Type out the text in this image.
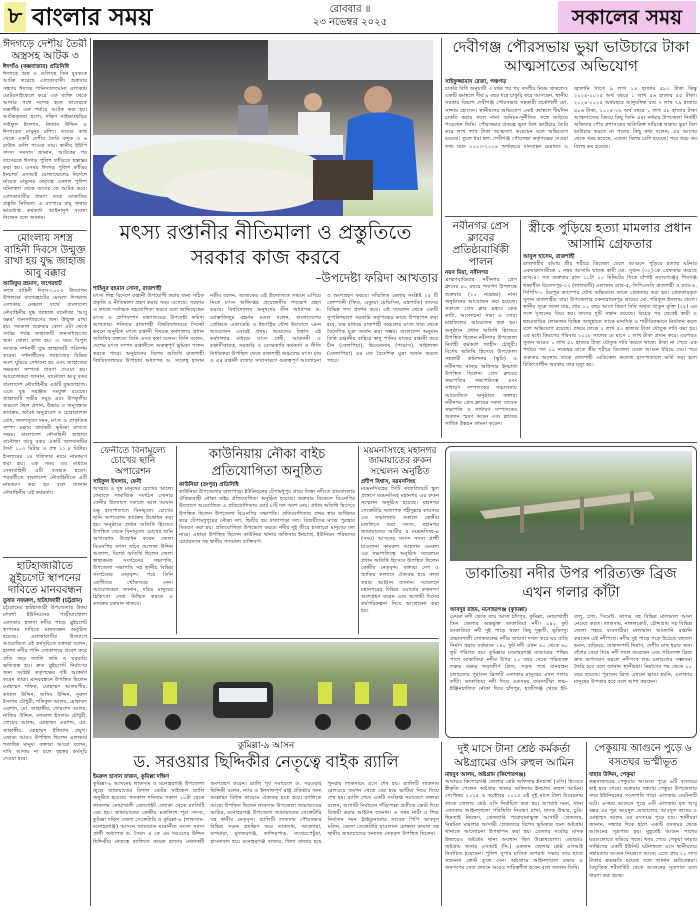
৮ বাংলার সময়	রোববার ॥
২৩ নভেম্বর ২০২৫	সকালের সময়
ঈদগড়ে দেশীয় তৈরী অস্ত্রসহ আটক ৩
ঈদগাঁও (কক্সবাজার) প্রতিনিধি
ঈদগড়ে অস্ত্র ও গুলিসহ তিন যুবককে আটক করেছে এলাকাবাসী। শুক্রবার সন্ধ্যায় ঈদগড় পানিস্যালঘোনা এলাকায় মোটরসাইকেলে করে এক ব্যক্তি থেকে আসার পথে সন্দেহ হলে তাদেরকে তল্লাশীর এক পর্যায়ে আটক করা হয়। আটককৃতরা হলো, দক্ষিণ নাইক্ষ্যংছড়ির সাইফুল ইসলাম, নিজাম উদ্দিন ও ঈদগড়ের মামুনুর রশিদ। তাদের কাছ থেকে একটি দেশীয় তৈরি বন্দুক ও ৬ রাউন্ড গুলি পাওয়া যায়। স্থানীয় ইউপি সদস্য সমসাদ জানান, আটকের পর তাদেরকে ঈদগড় পুলিশ ফাঁড়িতে হস্তান্তর করা হয়। এসময় ঈদগড় পুলিশ ফাঁড়ির ইনচার্জ এসআই মোজাম্মেলের নির্দেশে নায়েক মামুনের নেতৃত্বে একদল পুলিশ ঘটনাস্থল থেকে তাদের কে আটক করে। এলাকাবাসীর ধারণা তারা ডাকাতির প্রস্তুতি নিচ্ছিল। এ ব্যাপারে রামু থানার ভারপ্রাপ্ত কর্মকর্তা আইনানুগ ব্যবস্থা নিচ্ছেন বলে জানান।
মোংলায় সশস্ত্র বাহিনী দিবসে উন্মুক্ত রাখা হয় যুদ্ধ জাহাজ আবু বক্কার
আরিফুর রহমান, বাগেরহাট
সশস্ত্র বাহিনী দিবস-২০২৫ উদযাপন উপলক্ষে বাগেরহাটের মোংলা দিগরাজ এলাকায় নেভাল বার্থে বাংলাদেশ নৌবাহিনীর যুদ্ধ জাহাজ বানৌজা 'আবু বক্কর' জনসাধারণের জন্য উন্মুক্ত রাখা হয়। গতকাল শুক্রবার বেলা এটা থেকে সর্বাচ্চ পর্যন্ত জাহাজটি জনসাধারণের জন্য খোলা রাখা হয়। এ সময় বিপুল সংখ্যক দর্শনার্থী যুদ্ধ জাহাজটি পরিদর্শন করেন। দর্শনার্থীদের জাহাজের বিভিন্ন অংশ ঘুরিয়ে দেখানো হয় এবং জাহাজের সক্ষমতা সম্পর্কে ধারণা দেওয়া হয়। আয়োজকরা জানান, বানৌজা আবু বকর বাংলাদেশ নৌবাহিনীর একটি যুদ্ধজাহাজ। এতে যুদ্ধ সরঞ্জাম সংযুক্ত রয়েছে। জাহাজটি গভীর সমুদ্র এবং উপকূলীয় অঞ্চলে টহল প্রদান, উদ্ধার ও অনুসন্ধান কার্যক্রম, অবৈধ অনুপ্রবেশ ও চোরাচালান রোধ, জলদস্যুতা দমন, মৎস্য ও প্রাকৃতিক সম্পদ রক্ষায় কার্যকরী ভূমিকা রাখতে সক্ষম। বাংলাদেশ নৌবাহিনী জাহাজ বানৌজা আবু বকর একটি জলযানটির দৈর্ঘ্য ১০৩ মিটার ও প্রস্থ ১১.৪ মিটার। ইসলামের ১ম খলিফার নামে নামকরণ করা হয়। এক সময় এর মাধ্যমে সেনাবাহিনী এটি ব্যবহৃত হতো। পরবর্তীতে বাংলাদেশ নৌবাহিনীতে এটি নামকরণ করা হয় বলে জানান নৌবাহিনীর এই কর্মকর্তা।
হাটহাজারীতে স্লুইচগেট স্থাপনের দাবিতে মানববন্ধন
তুষার নজরুল, হাটহাজারী (চট্টগ্রাম)
চট্টগ্রামের হাটহাজারী উপজেলার উত্তর মাদার্শা ইউনিয়নের পাড়ীয়াখোলা এলাকায় হালদা নদীর পাড়ে স্লুইচগেট স্থাপনের দাবিতে মানববন্ধন অনুষ্ঠিত হয়েছে। এলাকাবাসীর উদ্যোগে আয়োজিত এই কর্মসূচিতে বক্তারা বলেন, হালদা নদীর পানি লোকালয়ে প্রবেশ করে প্রতি বছর ফসলি জমি ও ঘরবাড়ি ক্ষতিগ্রস্ত হয়। দ্রুত স্লুইচগেট নির্মাণের জন্য সংশ্লিষ্ট কর্তৃপক্ষের দৃষ্টি আকর্ষণ করেন তারা। মানববন্ধনে উপস্থিত ছিলেন মোহাম্মদ শফিক, মোহাম্মদ আলমগীর, কামাল উদ্দিন, জসিম উদ্দিন, নুরুল ইসলাম চৌধুরী, শফিকুল আলম, মোহাম্মদ এরশাদ, মো. জাহাঙ্গীর, খোরশেদ আলম, নাজিম উদ্দিন, নজরুল ইসলাম চৌধুরী, শোয়েব আলম, মোহাম্মদ এরশাদ, মো. জাহাঙ্গীর, মোহাম্মদ ইলিয়াছ প্রমুখ। এছাড়া আরও উপস্থিত ছিলেন এলাকার শতাধিক মানুষ। বক্তারা আরো বলেন, দাবি আদায় না হলে বৃহত্তর কর্মসূচি দেওয়া হবে।
মৎস্য রপ্তানীর নীতিমালা ও প্রস্তুতিতে
সরকার কাজ করবে
–উপদেষ্টা ফরিদা আখতার
শাহিনুর রহমান সোনা, রাজশাহী
মৎস্য শিল্প বিদেশে রপ্তানী উপযোগী করার জন্য সঠিক প্রকৃতি ও নীতিমালা গ্রহণ করার সময় এসেছে। সরকার এ কাজে সর্বাত্মক সহযোগিতা করবে বলে জানিয়েছেন মৎস্য ও প্রাণিসম্পদ মন্ত্রণালয়ের উপদেষ্টা ফরিদা আখতার। শনিবার রাজশাহী বিশ্ববিদ্যালয়ের সিনেট ভবনে অনুষ্ঠিত মৎস্য রপ্তানী বিষয়ক কর্মশালায় প্রধান অতিথির বক্তব্যে তিনি এসব কথা বলেন। তিনি বলেন, দেশের মৎস্য সম্পদ রপ্তানীতে গুরুত্বপূর্ণ ভূমিকা পালন করতে পারে। অনুষ্ঠানের বিশেষ অতিথি রাজশাহী বিশ্ববিদ্যালয়ের উপাচার্য অধ্যাপক ড. সালেহ্ হাসান নকীব বলেন, আজকের এই উদ্যোগকে সামনে এগিয়ে নিতে মৎস্য অধিদপ্তর প্রয়োজনীয় পদক্ষেপ গ্রহণ করবে। বিশ্ববিদ্যালয় অনুষদের ডীন অধ্যাপক ড. মোস্তাফিজুর রহমান মণ্ডল বলেন, বাংলাদেশের প্রেক্ষিতে একাডেমি ও ইন্ডাস্ট্রির যৌথ উদ্যোগে এমন আয়োজন এবারই প্রথম। আমাদের বিশ্বাস এই কর্মশালার মাধ্যমে মৎস্য চাষী, আমদানী ও রপ্তানীকারক, সরকারি ও বেসরকারি কর্মকর্তা ও নীতি নির্ধারকরা উপস্থিত থেকে রাজশাহী অঞ্চলের মৎস্য চাষ ও এর রপ্তানী বাজার সম্প্রসারণে গুরুত্বপূর্ণ আলোচনা ও অংশগ্রহণ করবে। সম্মিলিত মেলায় সংশ্লিষ্ট ২৫ টি কোম্পানী (ফিড, এক্যুয়া মেডিসিন, যন্ত্রপাতি) তাদের বিভিন্ন পণ্য প্রদর্শন করে। এই সম্মেলন থেকে একটি সুপারিশমালা সরকারি কর্তৃপক্ষের কাছে উপস্থাপন করা হবে, যার মাধ্যমে রাজশাহী অঞ্চলের মৎস্য খাত থেকে বৈদেশিক মুদ্রা অর্জন করা সম্ভব। বাংলাদেশ অনুমান তিন্নি রপ্তানীর বাহিরে স্বাদু পানির মাছের রপ্তানী করে চীন (কেলপিয়া), ভিয়েতনাম (পাঙাস), থাইল্যান্ড (তেলাপিয়া) এর মত বৈদেশিক মুদ্রা অর্জন করতে পারে।
দেবীগঞ্জ পৌরসভায় ভুয়া ভাউচারে টাকা আত্মসাতের অভিযোগ
সাইফুজ্জামান রেজা, পঞ্চগড়
চাকরি বিধি অনুযায়ী ৩ বছর পর পর বদলীর নিয়ম থাকলেও একটি কর্মস্থলে দীর্ঘ ৯ বছর ধরে চাকুরি করে আসছেন, স্থানীয় সরকার বিভাগ দেবীগঞ্জ পৌরসভার সহকারী প্রকৌশলী মো. সাদ্দাম হোসেন। স্থানীয়দের অভিযোগ একই কর্মস্থলে দীর্ঘদিন চাকরি করার ফলে নানা অনিয়ম-দুর্নীতির সঙ্গে জড়িয়ে পড়েছেন তিনি। পৌরসভার প্রকল্পে ভুয়া বিল ভাউচার তৈরি করে লাখ লাখ টাকা আত্মসাৎ করেছেন বলে অভিযোগ রয়েছে। তুলে ধরা হল: দেবীগঞ্জ পৌরসভা কর্তৃপক্ষের দেওয়া তথ্য মতে ২০২৩-২০২৪ অর্থবছরে যানবাহন মেরামত ও জ্বালানি খাতে ৯ লাখ ২৪ হাজার ৫৮১ টাকা কিন্তু ২০২৪-২০২৫ অর্থ বছরে ১ লাখ ৫৬ হাজার ৫৫ টাকা। ২০২৪-২০২৫ অর্থবছরে আনুষঙ্গিক ব্যয় ৭ লাখ ৭৯ হাজার ৪৮৬ টাকা, ২০২৫-২৬ অর্থ বছরে ১ লাখ ৫৮ হাজার টাকা আত্মসাতের বিষয়ে কিছু তিনি এবং নর্দমার উপজেলা নির্বাহী অফিসার পৌর প্রশাসকের অতিরিক্ত দায়িত্বে থাকায় ভুয়া বিল ভাউচার করতে না পারায় কিছু কথা বলেন, এর আগের থেকে খরচ হয়েছে, এজন্য বিলম্ব বেশি হয়েছে। পরে খরচ কম বিলম্ব কম হয়েছে।
নবীনগর প্রেস ক্লাবের প্রতিষ্ঠাবার্ষিকী পালন
নয়ন মিয়া, নবীনগর
ব্রাহ্মণবাড়িয়ার নবীনগর প্রেস ক্লাবের ৪০ বছরে পদার্পণ উপলক্ষে শুক্রবার (২২ নভেম্বর) নানা অনুষ্ঠানের আয়োজন করা হয়েছে। সকালে প্রেস ক্লাব চত্বরে কেক কাটা, আলোচনা সভা ও দোয়া মাহফিলের আয়োজন করা হয়। অনুষ্ঠানে প্রধান অতিথি হিসেবে উপস্থিত ছিলেন নবীনগর উপজেলা নির্বাহী কর্মকর্তা জাহীদ চৌধুরী। বিশেষ অতিথি হিসেবে উপজেলা সহকারী কমিশনার (ভূমি) ও নবীনগর থানার অফিসার ইনচার্জ উপস্থিত ছিলেন। প্রেস ক্লাবের সভাপতির সভাপতিত্বে এবং সাধারণ সম্পাদকের সঞ্চালনায় আয়োজিত অনুষ্ঠানে বক্তারা নবীনগর প্রেস ক্লাবের সকল সাবেক সভাপতি ও সাধারণ সম্পাদকের অবদান স্মরণ করেন এবং ক্লাবের সার্বিক উন্নয়ন কামনা করেন।
স্ত্রীকে পুড়িয়ে হত্যা মামলার প্রধান আসামি গ্রেফতার
আবুল হাসেম, রাজশাহী
রাজশাহীর বাঘায় স্ত্রীর শরীরে ডিজেল ঢেলে আগুনে পুড়িয়ে হত্যার ঘটনার একমাত্রাসামীকে ১ নম্বর আসামি ঘাতক স্বামী মো. সুজন (৩২)-কে গ্রেফতার করেছে র‌্যাব-৫। গত শুক্রবার রাত ১১টা ১০ মিনিটের দিকে চাঁপাই নবাবগঞ্জের শিবগঞ্জ থানাধীন বিনোদপুর-২২ (লালমাটি) এলাকায় র‌্যাব-৫, সিপিএসসি রাজশাহী ও র‌্যাব-৪, সিপিসি-১ মিরপুর ক্যাম্পের যৌথ অভিযানে তাকে গ্রেফতার করা হয়। গ্রেফতারকৃত সুজন রাজশাহীর বাঘা উপজেলার চকনারায়নপুর গ্রামের মো. শরিফুল ইসলাম ছেলে। স্থানীয় সূত্রে জানা যায়, প্রায় ১০ বছর আগে কিরণ বিবি অথবা খাতুন মুক্তি (২৫) এর সঙ্গে সুজনের বিয়ে হয়। তাদের দুটি সন্তান রয়েছে। বিয়ের পর থেকেই স্বামী ও শ্বশুরবাড়ির লোকজন বিভিন্ন অজুহাতে তাকে মানসিক ও শারীরিকভাবে নির্যাতন করত বলে অভিযোগ রয়েছে। প্রথমে তাকে ২ লাখ ৫০ হাজার টাকা যৌতুক দাবি করা হয়। এর মধ্যে কিরণের পরিবার ২০১৮ সালের মে মাসে ১ লাখ টাকা প্রদান করে। এরপরও সুজন আরও ১ লাখ ৫০ হাজার টাকা যৌতুক দাবি করতে থাকে। টাকা না পেয়ে এক পর্যায়ে গত ১০ নভেম্বর রাতে স্ত্রীর শরীরে ডিজেল ঢেলে আগুন ধরিয়ে দেয়। পরে গুরুতর অবস্থায় তাকে রাজশাহী মেডিকেল কলেজ হাসপাতালে ভর্তি করা হলে চিকিৎসাধীন অবস্থায় তার মৃত্যু হয়।
ফেনীতে বিনামূল্যে চোখের ছানি অপারেশন
সাইফুল ইসলাম, ফেনী
অসহায় ও দুস্থ মানুষের চোখের আলো ফেরাতে সামাজিক সংগঠন সোনার ফেনীর উদ্যোগে সকালে আল আমান চক্ষু হাসপাতালে বিনামূল্যে চোখের ছানি অপারেশন কার্যক্রম উদ্বোধন করা হয়। অনুষ্ঠানে প্রধান অতিথি হিসেবে উপস্থিত থেকে বিনামূল্যে চোখের ছানি অপারেশন উদ্বোধন করেন জেলা বিএনপির সদস্য সচিব আলাল উদ্দিন আলাল, বিশেষ অতিথি ছিলেন জেলা স্বাস্থ্যকর্মক সংগঠনের সভাপতি, উপজেলা সভাপতি সহ স্থানীয় বিভিন্ন সংগঠনের নেতৃবৃন্দ। পরে তিনি রোগীদের খোঁজখবর নেন। আয়োজকরা জানান, দরিদ্র মানুষের চিকিৎসা সেবা নিশ্চিত করতে এ কার্যক্রম চলমান থাকবে।
কাউনিয়ায় নৌকা বাইচ প্রতিযোগিতা অনুষ্ঠিত
কাউনিয়া (রংপুর) প্রতিনিধি
কাউনিয়া উপজেলার বালাপাড়া ইউনিয়নের টেপামধুপুর গ্রামে তিস্তা নদীতে গ্রামবাংলার ঐতিহ্যবাহী নৌকা বাইচ প্রতিযোগিতা অনুষ্ঠিত হয়েছে। শুক্রবার বিকেলে বিএনপির উদ্যোগে আয়োজিত এ প্রতিযোগিতায় মোট ৮টি দল অংশ নেয়। প্রধান অতিথি হিসেবে উপস্থিত ছিলেন উপজেলা বিএনপির সভাপতি। প্রতিযোগিতায় প্রথম স্থান অধিকার করে টেপামধুপুরের নৌকা দল, দ্বিতীয় হয় বালাপাড়া দল। বিজয়ীদের মাঝে পুরস্কার বিতরণ করা হয়। প্রতিযোগিতা উপভোগ করতে নদীর দুই তীরে হাজারো মানুষের ঢল নামে। এছাড়া উপস্থিত ছিলেন কাউনিয়া থানার অফিসার ইনচার্জ, ইউনিয়ন পরিষদের চেয়ারম্যান সহ স্থানীয় গণ্যমান্য ব্যক্তিবর্গ।
ময়মনসিংহে মহানগর জামায়াতের রুকন সম্মেলন অনুষ্ঠিত
প্রদীপ বিশ্বাস, ময়মনসিংহ
ময়মনসিংহের সিটি কলেজিয়েট স্কুল প্রাঙ্গণে ময়মনসিংহ মহানগর এর রুকন সম্মেলন অনুষ্ঠিত হয়েছে। মহানগর সেক্রেটারি অধ্যাপক শহীদুল্লাহ কায়সার এর সঞ্চালনায় সকালে কেন্দ্রীয় মজলিসে শুরা সদস্য, মহানগর জামায়াতের আমীর ও ময়মনসিংহ-৪ (সদর) আসনের সংসদ সদস্য প্রার্থী মাওলানা কামরুল আহসান এমরুল এর সভাপতিত্বে অনুষ্ঠিত সম্মেলনে প্রধান অতিথি হিসেবে উপস্থিত ছিলেন কেন্দ্রীয় নেতৃবৃন্দ। বক্তারা দেশ ও জাতির কল্যাণে ঐক্যবদ্ধ হয়ে কাজ করার আহ্বান জানান। সম্মেলনে মহানগরের বিভিন্ন ওয়ার্ডের রুকনগণ অংশগ্রহণ করেন এবং আগামী দিনের কর্মপরিকল্পনা নিয়ে আলোচনা করা হয়।
ডাকাতিয়া নদীর উপর পরিত্যক্ত ব্রিজ এখন গলার কাঁটা
আবদুর রহিম, মনোহরগঞ্জ (কুমিল্লা)
মেঘনা নদী থেকে বয়ে আসা চাঁদপুর, কুমিল্লা, নোয়াখালী তিন জেলার অন্তর্ভুক্ত ডাকাতিয়া নদী। ১৪০ ফুট ডাকাতিয়া নদী দুই পাড়ে থাকা কিছু দুষ্কৃতী, ভূমিদস্যু প্রভাবশালী লোকজনের নদীর জায়গা দখল করে ঘর বাড়ি নির্মাণ করায় বর্তমানে ১৪০ ফুট নদী এখন ৪০ থেকে ৬০ ফুট পরিণত হয়। কুমিল্লার মনোহরগঞ্জ বাজারের পশ্চিম পাশে ডাকাতিয়া নদীর উপর ২০ বছর থেকে পরিত্যক্ত লক্কড় ঝক্কড় জরাজীর্ণ ব্রিজ, সড়ক পথে যানবাহন চলাচলের পুরাতন ব্রিজটি এলাকার মানুষের এখন গলার কাঁটা। ডাকাতিয়া নদী দিয়ে একসময় ব্যবসায়ীরা লঞ্চ-ইঞ্জিনচালিত নৌকা দিয়ে চাঁদপুর, হাজীগঞ্জ থেকে ইট- বালু, চাল, সিমেন্ট, কাপড় সহ বিভিন্ন মালামাল আনা নেওয়া করত। লাকসাম, নাঙ্গলকোট, চৌদ্দগ্রাম সহ বিভিন্ন জেলা শহরে ব্যবসায়ীরা মালামাল আমদানি রপ্তানি করতেন এই নদীপথে। নদীর দুই পাড়ে গড়ে উঠেছে বহুতল ভবন, বাড়িঘর, দোকানপাট নির্মাণ, দেশীয় মাছ ধরার জন্য বাঁশের বেড়া দিয়ে নদী দখল করেছেন এবং পরিত্যক্ত ব্রিজ দ্রুত অপসারণ করলে নদীপথে লঞ্চ চলাচলের সম্ভাবনা তৈরি হবে বলে জানান স্থানীয়রা। নির্মাণের পর থেকে ২০ বছর হয়েছে। পুরাতন ব্রিজ এখনো ভাঙা হয়নি, এলাকার মানুষের উপকার হবে বলে আশা করছেন।
কুমিল্লা-৯ আসন
ড. সরওয়ার ছিদ্দিকীর নেতৃত্বে বাইক র‍্যালি
ইমরুল হাসান রাজন, কুমিল্লা দক্ষিণ
কুমিল্লা-৯ আসনের লাকসাম ও মনোহরগঞ্জ উপজেলা জুড়ে জামায়াতের বিশাল মোটর সাইকেল র‍্যালি অনুষ্ঠিত হয়েছে। গতকাল শনিবার সকাল ১০টা থেকে লাকসাম নোয়াখালী রেলগেইট এলাকা থেকে র‍্যালিটি বের হয়। জামায়াতের কেন্দ্রীয় মজলিশে শূরা সদস্য, কুমিল্লা দক্ষিণ জেলা সেক্রেটারি ও কুমিল্লা-৯ (লাকসাম-মনোহরগঞ্জ) আসনে জামায়াত মনোনীত সংসদ সদস্য প্রার্থী অধ্যাপক ড. সৈয়দ এ কে এম সরওয়ার উদ্দিন ছিদ্দিকীর নেতৃত্বে র‍্যালিতে কয়েক হাজার নেতাকর্মী অংশগ্রহণ করেন। র‍্যালি পূর্ব সমাবেশে ড. সরওয়ার ছিদ্দিকী বলেন, ন্যায় ও ইনসাফপূর্ণ রাষ্ট্র প্রতিষ্ঠার জন্য আল্লাহর বিধান কায়েমে ঐক্যবদ্ধ হতে হবে। র‍্যালিতে আরো উপস্থিত ছিলেন লাকসাম উপজেলা জামায়াতের আমির, মনোহরগঞ্জ উপজেলা জামায়াতের সেক্রেটারি সহ স্থানীয় নেতৃবৃন্দ। র‍্যালিটি লাকসাম পৌরসভার বিভিন্ন সড়ক প্রদক্ষিণ করে লাকসাম, আজগরা, বাগমারা, মুদাফরগঞ্জ, কান্দিরপাড়, নাথেরপেটুয়া, হাসনাবাদ হয়ে মনোহরগঞ্জ বাজার, খিলা বাজার হয়ে পুনরায় লাকসামে এসে শেষ হয়। র‍্যালিটি লাকসাম রেলওয়ে জংশন থেকে বের হয়ে ভাটিয়া নিয়ে গিয়ে শেষ হয়। র‍্যালি শেষে একটি সংক্ষিপ্ত সমাবেশে বক্তারা বলেন, আগামী নির্বাচনে দাঁড়িপাল্লা প্রতীকে ভোট দিয়ে বিজয়ী করার আহ্বান জানান। এ সময় নারী ও শিশু নির্যাতন দমন ট্রাইব্যুনালের সাবেক পিপি আবদুল মতিন, জেলা সেক্রেটারি মাওলানা মোস্তফা কামাল সহ স্থানীয় জামায়াতের অন্যান্য নেতৃবৃন্দ উপস্থিত ছিলেন।
দুই মাসে টানা শ্রেষ্ঠ কর্মকর্তা অষ্টগ্রামের ওসি রুহুল আমিন
মাহবুব আলম, অষ্টগ্রাম (কিশোরগঞ্জ)
আবারও কিশোরগঞ্জ জেলার শ্রেষ্ঠ অফিসার ইনচার্জ (ওসি) হিসেবে স্বীকৃতি পেলেন অষ্টগ্রাম থানার অফিসার ইনচার্জ রুহুল আমিন। সেপ্টেম্বর ২০২৫ ও অক্টোবর ২০২৫ এই দুই মাসে টানা বিবেচনায় তাকে জেলার শ্রেষ্ঠ ওসি নির্বাচিত করা হয়। অপরাধ দমন, থানা এলাকায় আইনশৃঙ্খলা পরিস্থিতি নিয়ন্ত্রণ রাখা, মাদক উদ্ধার, চুরি-ছিনতাই নিয়ন্ত্রণ, গ্রেফতারি পরোয়ানাভুক্ত আসামী গ্রেফতার, নিয়মিত মামলার আসামী গ্রেফতারে বিশেষ ভূমিকার জন্য অষ্টগ্রাম থানাকে আলোচনা উপস্থাপন করা হয়। জেলার সর্বোচ্চ মাদক উদ্ধারেও অষ্টগ্রাম থানা অবস্থান ছিল উল্লেখযোগ্য। এছাড়াও অষ্টগ্রাম থানার এসআই (নি.) একজন জেলার শ্রেষ্ঠ এসআই নির্বাচিত হয়েছেন। পুলিশ সুপার মাসিক অপরাধ সভায় তার হাতে সম্মাননা ক্রেস্ট তুলে দেন। অষ্টগ্রামে আইনশৃঙ্খলা রক্ষায় ও জনগণের সেবা প্রদানে আরও দায়িত্বশীল হবেন বলে জানান তিনি।
পেকুয়ায় আগুনে পুড়ে ৬ বসতঘর ভস্মীভূত
বাহার উদ্দিন, পেকুয়া
কক্সবাজারের পেকুয়ায় আগুনে পুড়ে ৬টি বসতঘর ছাই হয়ে গেছে। শুক্রবার সন্ধ্যায় পেকুয়া উপজেলার সদর ইউনিয়নের সওদাগরি পাড়া এলাকায় এঘটনাটি ঘটে। এসময় আগুনে পুড়ে ৬টি এলাকায় মৃত আবু বক্কর এর পুত্র আবদুল মোতালেব, আবদুল কাদের ও মোহাম্মদ আলম এর বসতঘর পুড়ে যায়। স্থানীয়রা জানান, সন্ধ্যার দিকে হঠাৎ একটি বসতঘর থেকে আগুনের সূত্রপাত হয়। মুহূর্তেই আগুন পাশের ঘরগুলোতে ছড়িয়ে পড়ে। খবর পেয়ে পেকুয়া ফায়ার সার্ভিসের একটি ইউনিট ঘটনাস্থলে এসে স্থানীয়দের সহায়তায় আগুন নিয়ন্ত্রণে আনে। এতে প্রায় ২০ লাখ টাকার ক্ষয়ক্ষতি হয়েছে বলে জানান ক্ষতিগ্রস্তরা। বৈদ্যুতিক শর্টসার্কিট থেকে আগুনের সূত্রপাত বলে ধারণা করা হচ্ছে।
